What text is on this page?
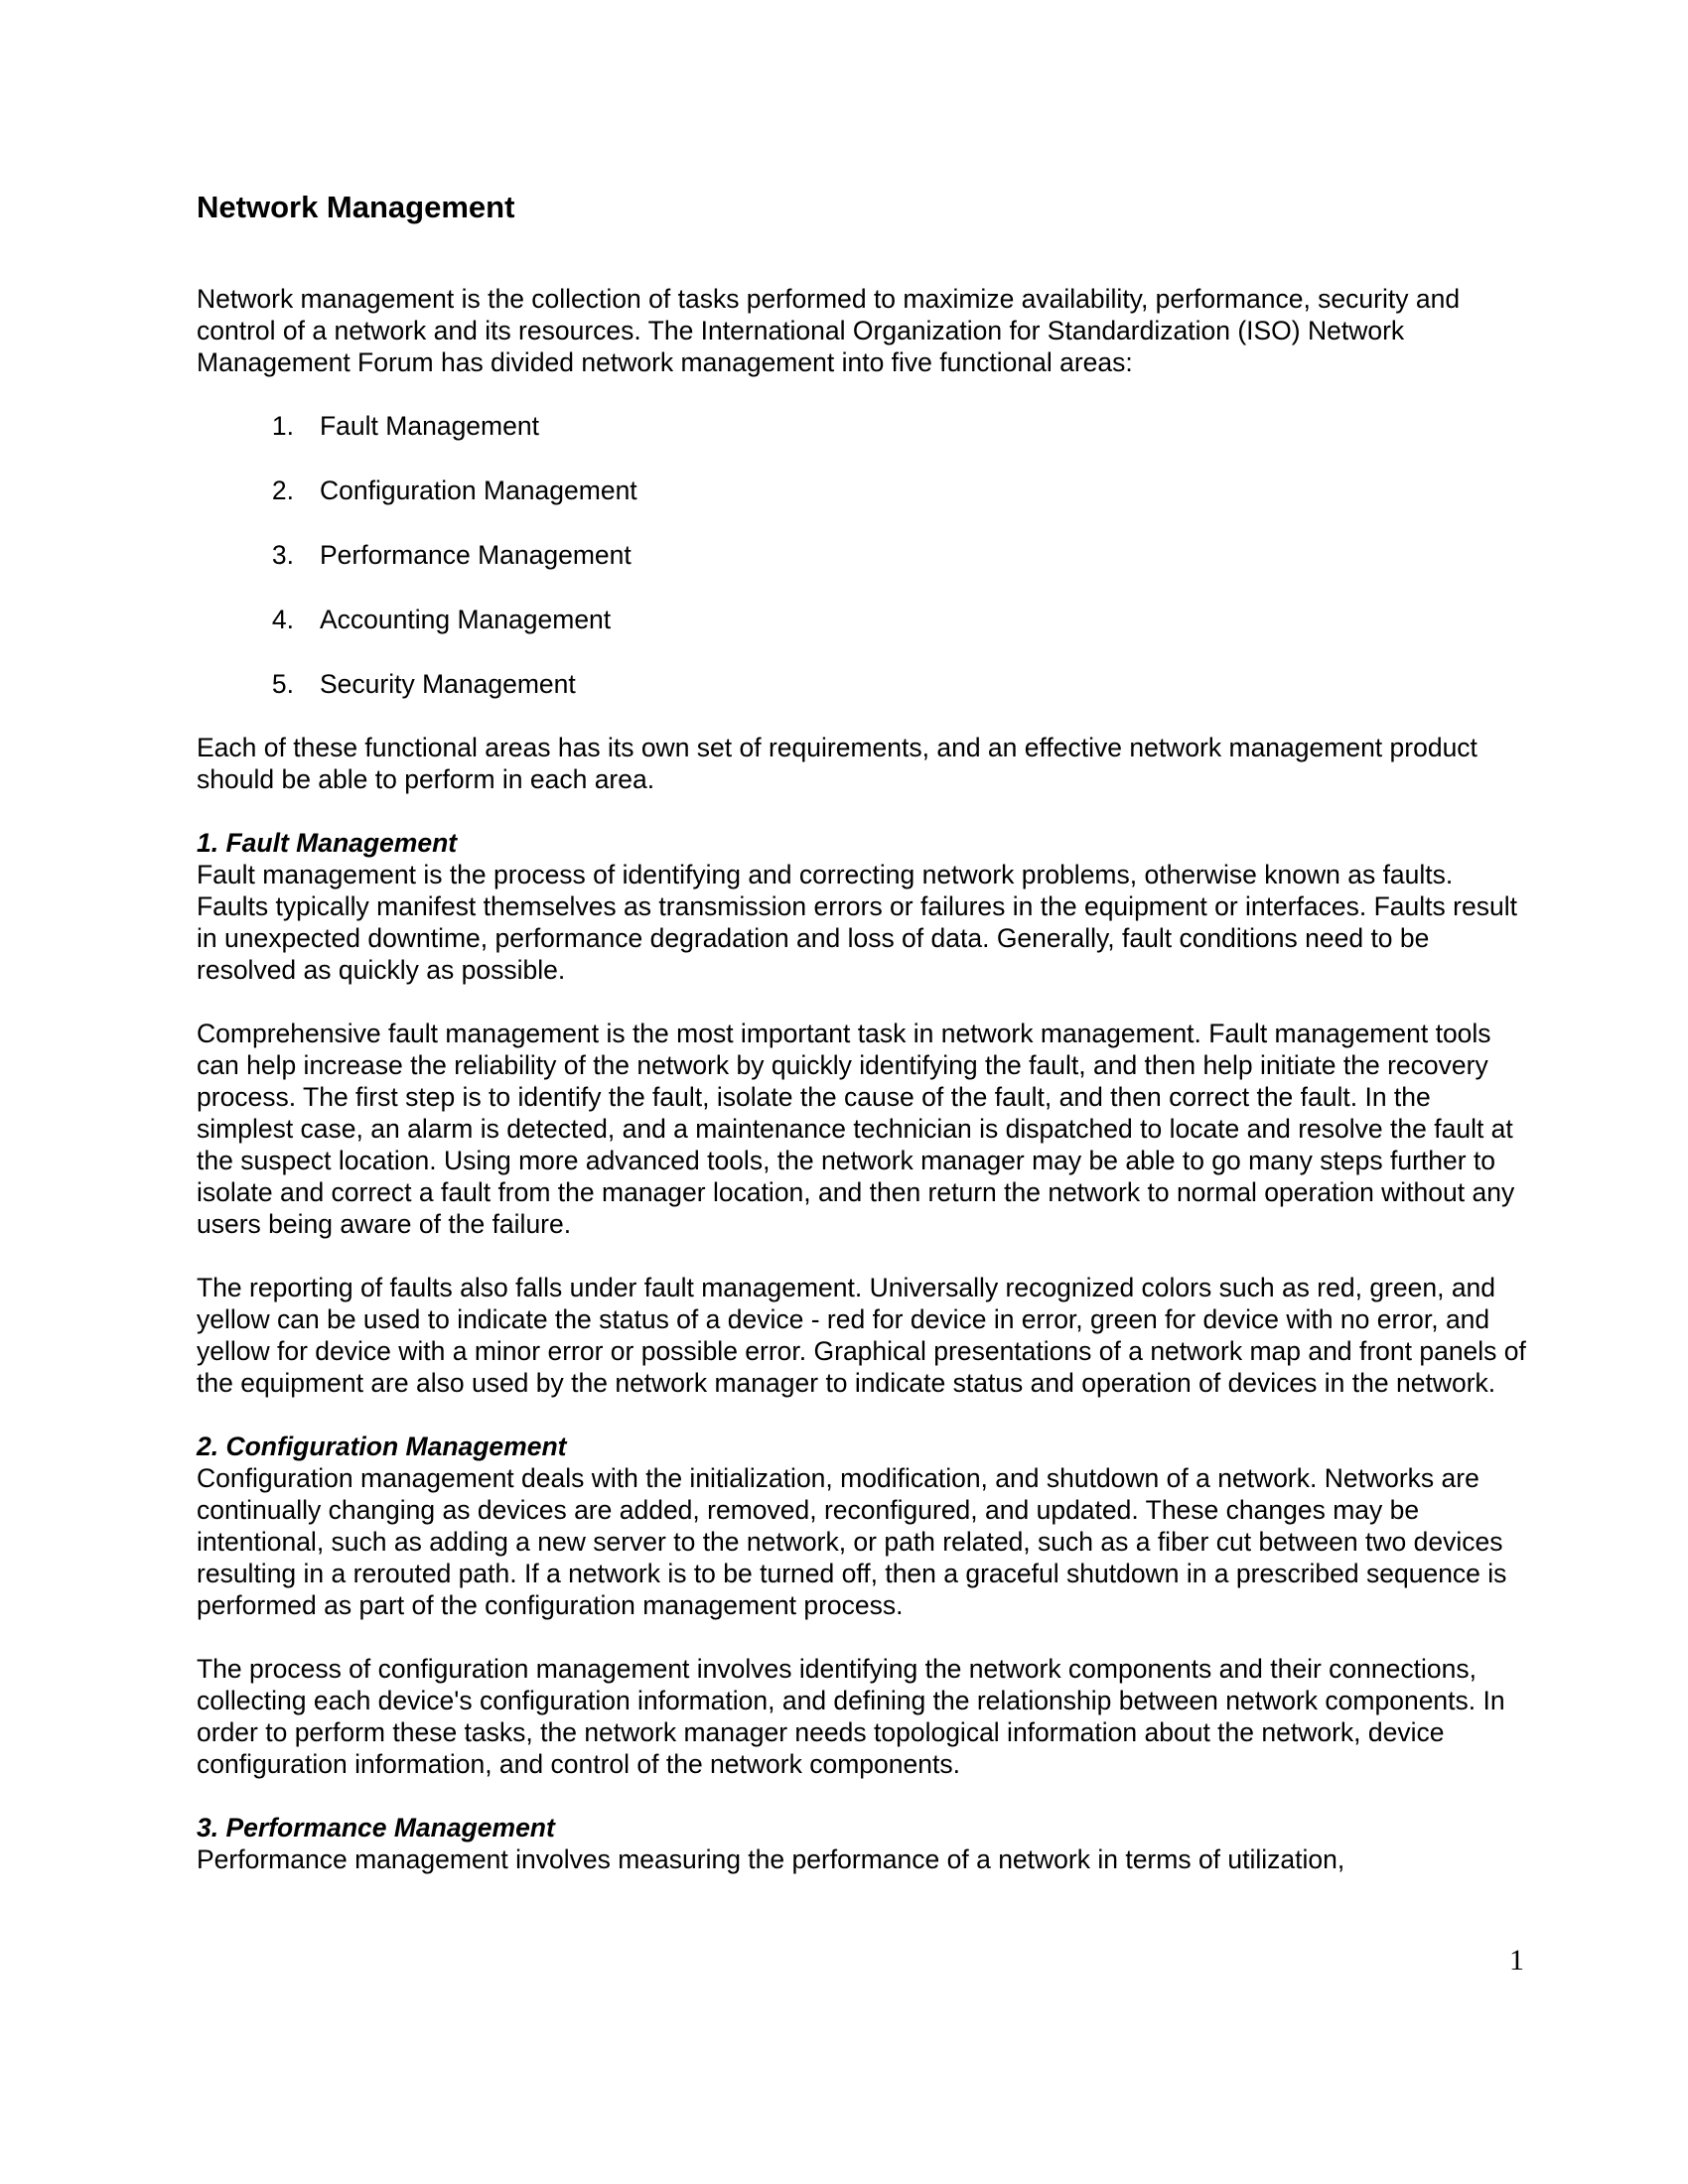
Network Management

Network management is the collection of tasks performed to maximize availability, performance, security and control of a network and its resources. The International Organization for Standardization (ISO) Network Management Forum has divided network management into five functional areas:

1. Fault Management
2. Configuration Management
3. Performance Management
4. Accounting Management
5. Security Management

Each of these functional areas has its own set of requirements, and an effective network management product should be able to perform in each area.

1. Fault Management

Fault management is the process of identifying and correcting network problems, otherwise known as faults. Faults typically manifest themselves as transmission errors or failures in the equipment or interfaces. Faults result in unexpected downtime, performance degradation and loss of data. Generally, fault conditions need to be resolved as quickly as possible.

Comprehensive fault management is the most important task in network management. Fault management tools can help increase the reliability of the network by quickly identifying the fault, and then help initiate the recovery process. The first step is to identify the fault, isolate the cause of the fault, and then correct the fault. In the simplest case, an alarm is detected, and a maintenance technician is dispatched to locate and resolve the fault at the suspect location. Using more advanced tools, the network manager may be able to go many steps further to isolate and correct a fault from the manager location, and then return the network to normal operation without any users being aware of the failure.

The reporting of faults also falls under fault management. Universally recognized colors such as red, green, and yellow can be used to indicate the status of a device - red for device in error, green for device with no error, and yellow for device with a minor error or possible error. Graphical presentations of a network map and front panels of the equipment are also used by the network manager to indicate status and operation of devices in the network.

2. Configuration Management

Configuration management deals with the initialization, modification, and shutdown of a network. Networks are continually changing as devices are added, removed, reconfigured, and updated. These changes may be intentional, such as adding a new server to the network, or path related, such as a fiber cut between two devices resulting in a rerouted path. If a network is to be turned off, then a graceful shutdown in a prescribed sequence is performed as part of the configuration management process.

The process of configuration management involves identifying the network components and their connections, collecting each device's configuration information, and defining the relationship between network components. In order to perform these tasks, the network manager needs topological information about the network, device configuration information, and control of the network components.

3. Performance Management

Performance management involves measuring the performance of a network in terms of utilization,

1
